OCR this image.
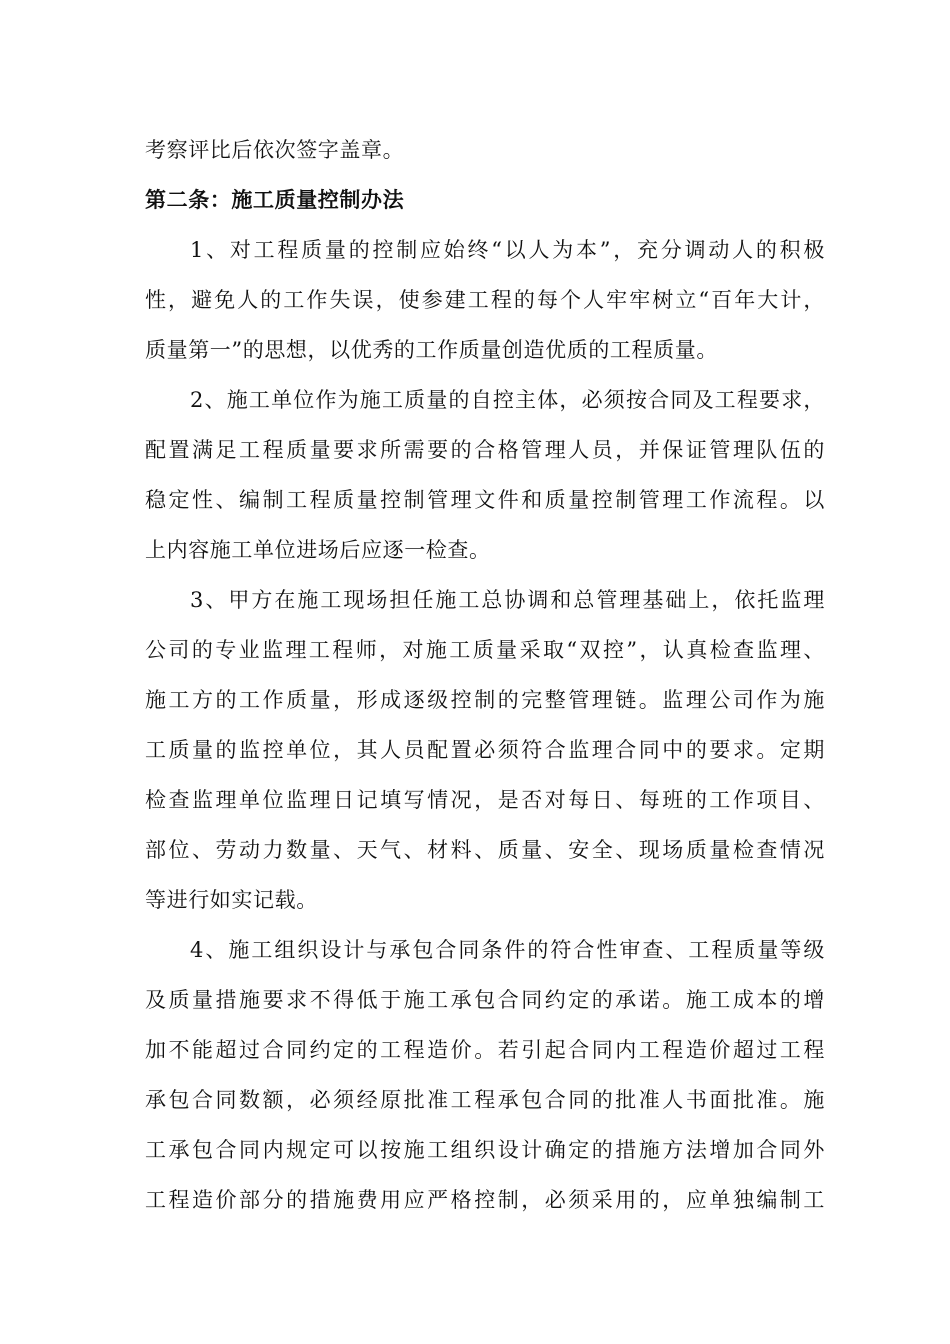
考察评比后依次签字盖章。
第二条：施工质量控制办法
1、对工程质量的控制应始终“以人为本”，充分调动人的积极
性，避免人的工作失误，使参建工程的每个人牢牢树立“百年大计，
质量第一”的思想，以优秀的工作质量创造优质的工程质量。
2、施工单位作为施工质量的自控主体，必须按合同及工程要求，
配置满足工程质量要求所需要的合格管理人员，并保证管理队伍的
稳定性、编制工程质量控制管理文件和质量控制管理工作流程。以
上内容施工单位进场后应逐一检查。
3、甲方在施工现场担任施工总协调和总管理基础上，依托监理
公司的专业监理工程师，对施工质量采取“双控”，认真检查监理、
施工方的工作质量，形成逐级控制的完整管理链。监理公司作为施
工质量的监控单位，其人员配置必须符合监理合同中的要求。定期
检查监理单位监理日记填写情况，是否对每日、每班的工作项目、
部位、劳动力数量、天气、材料、质量、安全、现场质量检查情况
等进行如实记载。
4、施工组织设计与承包合同条件的符合性审查、工程质量等级
及质量措施要求不得低于施工承包合同约定的承诺。施工成本的增
加不能超过合同约定的工程造价。若引起合同内工程造价超过工程
承包合同数额，必须经原批准工程承包合同的批准人书面批准。施
工承包合同内规定可以按施工组织设计确定的措施方法增加合同外
工程造价部分的措施费用应严格控制，必须采用的，应单独编制工
